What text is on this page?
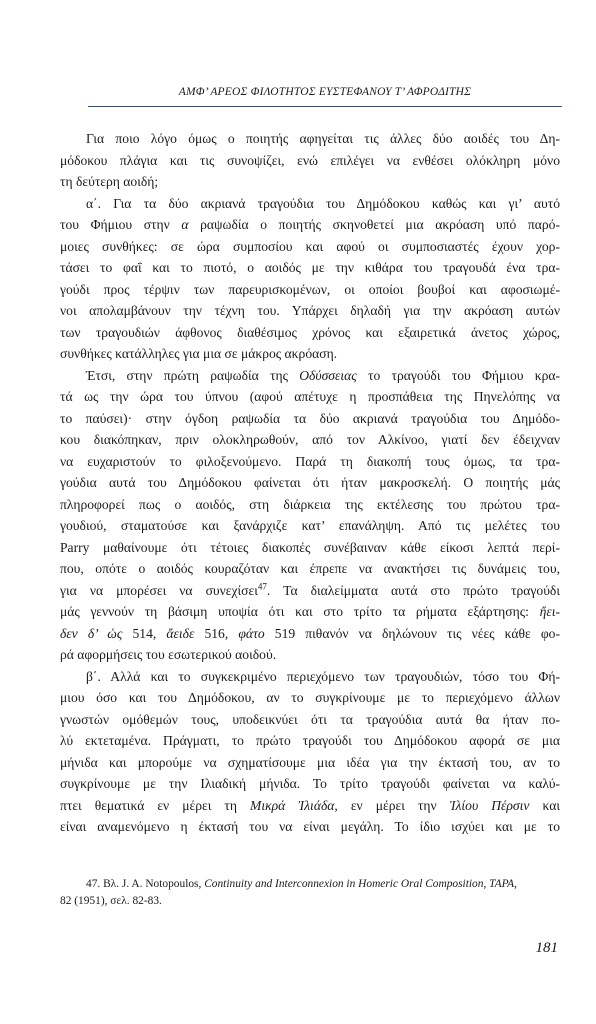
ΑΜΦ’ ΑΡΕΟΣ ΦΙΛΟΤΗΤΟΣ ΕΥΣΤΕΦΑΝΟΥ Τ’ ΑΦΡΟΔΙΤΗΣ
Για ποιο λόγο όμως ο ποιητής αφηγείται τις άλλες δύο αοιδές του Δη-
μόδοκου πλάγια και τις συνοψίζει, ενώ επιλέγει να ενθέσει ολόκληρη μόνο
τη δεύτερη αοιδή;
α΄. Για τα δύο ακριανά τραγούδια του Δημόδοκου καθώς και γι’ αυτό
του Φήμιου στην α ραψωδία ο ποιητής σκηνοθετεί μια ακρόαση υπό παρό-
μοιες συνθήκες: σε ώρα συμποσίου και αφού οι συμποσιαστές έχουν χορ-
τάσει το φαΐ και το πιοτό, ο αοιδός με την κιθάρα του τραγουδά ένα τρα-
γούδι προς τέρψιν των παρευρισκομένων, οι οποίοι βουβοί και αφοσιωμέ-
νοι απολαμβάνουν την τέχνη του. Υπάρχει δηλαδή για την ακρόαση αυτών
των τραγουδιών άφθονος διαθέσιμος χρόνος και εξαιρετικά άνετος χώρος,
συνθήκες κατάλληλες για μια σε μάκρος ακρόαση.
Έτσι, στην πρώτη ραψωδία της Οδύσσειας το τραγούδι του Φήμιου κρα-
τά ως την ώρα του ύπνου (αφού απέτυχε η προσπάθεια της Πηνελόπης να
το παύσει)· στην όγδοη ραψωδία τα δύο ακριανά τραγούδια του Δημόδο-
κου διακόπηκαν, πριν ολοκληρωθούν, από τον Αλκίνοο, γιατί δεν έδειχναν
να ευχαριστούν το φιλοξενούμενο. Παρά τη διακοπή τους όμως, τα τρα-
γούδια αυτά του Δημόδοκου φαίνεται ότι ήταν μακροσκελή. Ο ποιητής μάς
πληροφορεί πως ο αοιδός, στη διάρκεια της εκτέλεσης του πρώτου τρα-
γουδιού, σταματούσε και ξανάρχιζε κατ’ επανάληψη. Από τις μελέτες του
Parry μαθαίνουμε ότι τέτοιες διακοπές συνέβαιναν κάθε είκοσι λεπτά περί-
που, οπότε ο αοιδός κουραζόταν και έπρεπε να ανακτήσει τις δυνάμεις του,
για να μπορέσει να συνεχίσει$^{47}$. Τα διαλείμματα αυτά στο πρώτο τραγούδι
μάς γεννούν τη βάσιμη υποψία ότι και στο τρίτο τα ρήματα εξάρτησης: ἤει-
δεν δ’ ὡς 514, ἄειδε 516, φάτο 519 πιθανόν να δηλώνουν τις νέες κάθε φο-
ρά αφορμήσεις του εσωτερικού αοιδού.
β΄. Αλλά και το συγκεκριμένο περιεχόμενο των τραγουδιών, τόσο του Φή-
μιου όσο και του Δημόδοκου, αν το συγκρίνουμε με το περιεχόμενο άλλων
γνωστών ομόθεμών τους, υποδεικνύει ότι τα τραγούδια αυτά θα ήταν πο-
λύ εκτεταμένα. Πράγματι, το πρώτο τραγούδι του Δημόδοκου αφορά σε μια
μήνιδα και μπορούμε να σχηματίσουμε μια ιδέα για την έκτασή του, αν το
συγκρίνουμε με την Ιλιαδική μήνιδα. Το τρίτο τραγούδι φαίνεται να καλύ-
πτει θεματικά εν μέρει τη Μικρά Ἰλιάδα, εν μέρει την Ἰλίου Πέρσιν και
είναι αναμενόμενο η έκτασή του να είναι μεγάλη. Το ίδιο ισχύει και με το
47. Βλ. J. A. Notopoulos, Continuity and Interconnexion in Homeric Oral Composition, TAPA,
82 (1951), σελ. 82-83.
181
